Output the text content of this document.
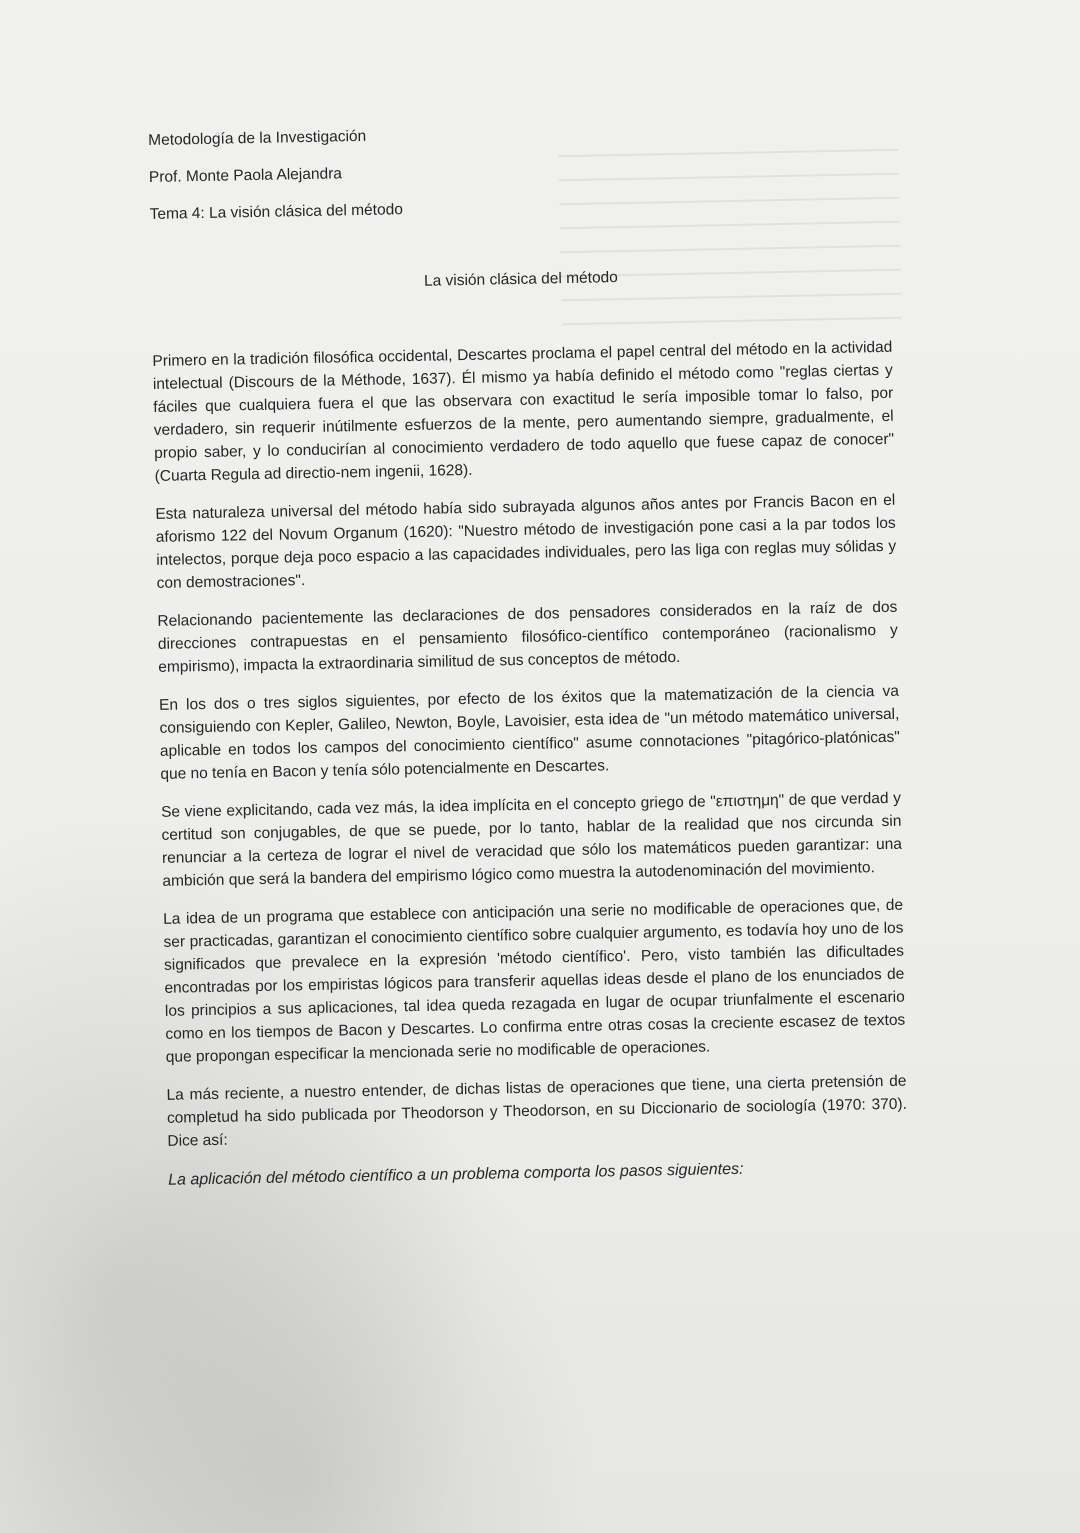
Metodología de la Investigación

Prof. Monte Paola Alejandra

Tema 4: La visión clásica del método

La visión clásica del método

Primero en la tradición filosófica occidental, Descartes proclama el papel central del método en la actividad intelectual (Discours de la Méthode, 1637). Él mismo ya había definido el método como "reglas ciertas y fáciles que cualquiera fuera el que las observara con exactitud le sería imposible tomar lo falso, por verdadero, sin requerir inútilmente esfuerzos de la mente, pero aumentando siempre, gradualmente, el propio saber, y lo conducirían al conocimiento verdadero de todo aquello que fuese capaz de conocer" (Cuarta Regula ad directio-nem ingenii, 1628).

Esta naturaleza universal del método había sido subrayada algunos años antes por Francis Bacon en el aforismo 122 del Novum Organum (1620): "Nuestro método de investigación pone casi a la par todos los intelectos, porque deja poco espacio a las capacidades individuales, pero las liga con reglas muy sólidas y con demostraciones".

Relacionando pacientemente las declaraciones de dos pensadores considerados en la raíz de dos direcciones contrapuestas en el pensamiento filosófico-científico contemporáneo (racionalismo y empirismo), impacta la extraordinaria similitud de sus conceptos de método.

En los dos o tres siglos siguientes, por efecto de los éxitos que la matematización de la ciencia va consiguiendo con Kepler, Galileo, Newton, Boyle, Lavoisier, esta idea de "un método matemático universal, aplicable en todos los campos del conocimiento científico" asume connotaciones "pitagórico-platónicas" que no tenía en Bacon y tenía sólo potencialmente en Descartes.

Se viene explicitando, cada vez más, la idea implícita en el concepto griego de "επιστημη" de que verdad y certitud son conjugables, de que se puede, por lo tanto, hablar de la realidad que nos circunda sin renunciar a la certeza de lograr el nivel de veracidad que sólo los matemáticos pueden garantizar: una ambición que será la bandera del empirismo lógico como muestra la autodenominación del movimiento.

La idea de un programa que establece con anticipación una serie no modificable de operaciones que, de ser practicadas, garantizan el conocimiento científico sobre cualquier argumento, es todavía hoy uno de los significados que prevalece en la expresión 'método científico'. Pero, visto también las dificultades encontradas por los empiristas lógicos para transferir aquellas ideas desde el plano de los enunciados de los principios a sus aplicaciones, tal idea queda rezagada en lugar de ocupar triunfalmente el escenario como en los tiempos de Bacon y Descartes. Lo confirma entre otras cosas la creciente escasez de textos que propongan especificar la mencionada serie no modificable de operaciones.

La más reciente, a nuestro entender, de dichas listas de operaciones que tiene, una cierta pretensión de completud ha sido publicada por Theodorson y Theodorson, en su Diccionario de sociología (1970: 370). Dice así:

La aplicación del método científico a un problema comporta los pasos siguientes:
